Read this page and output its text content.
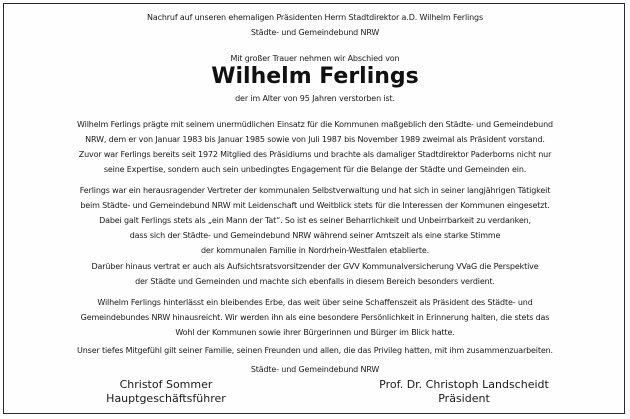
Nachruf auf unseren ehemaligen Präsidenten Herrn Stadtdirektor a.D. Wilhelm Ferlings
Städte- und Gemeindebund NRW
Mit großer Trauer nehmen wir Abschied von
Wilhelm Ferlings
der im Alter von 95 Jahren verstorben ist.
Wilhelm Ferlings prägte mit seinem unermüdlichen Einsatz für die Kommunen maßgeblich den Städte- und Gemeindebund
NRW, dem er von Januar 1983 bis Januar 1985 sowie von Juli 1987 bis November 1989 zweimal als Präsident vorstand.
Zuvor war Ferlings bereits seit 1972 Mitglied des Präsidiums und brachte als damaliger Stadtdirektor Paderborns nicht nur
seine Expertise, sondern auch sein unbedingtes Engagement für die Belange der Städte und Gemeinden ein.
Ferlings war ein herausragender Vertreter der kommunalen Selbstverwaltung und hat sich in seiner langjährigen Tätigkeit
beim Städte- und Gemeindebund NRW mit Leidenschaft und Weitblick stets für die Interessen der Kommunen eingesetzt.
Dabei galt Ferlings stets als „ein Mann der Tat“. So ist es seiner Beharrlichkeit und Unbeirrbarkeit zu verdanken,
dass sich der Städte- und Gemeindebund NRW während seiner Amtszeit als eine starke Stimme
der kommunalen Familie in Nordrhein-Westfalen etablierte.
Darüber hinaus vertrat er auch als Aufsichtsratsvorsitzender der GVV Kommunalversicherung VVaG die Perspektive
der Städte und Gemeinden und machte sich ebenfalls in diesem Bereich besonders verdient.
Wilhelm Ferlings hinterlässt ein bleibendes Erbe, das weit über seine Schaffenszeit als Präsident des Städte- und
Gemeindebundes NRW hinausreicht. Wir werden ihn als eine besondere Persönlichkeit in Erinnerung halten, die stets das
Wohl der Kommunen sowie ihrer Bürgerinnen und Bürger im Blick hatte.
Unser tiefes Mitgefühl gilt seiner Familie, seinen Freunden und allen, die das Privileg hatten, mit ihm zusammenzuarbeiten.
Städte- und Gemeindebund NRW
Christof Sommer
Hauptgeschäftsführer
Prof. Dr. Christoph Landscheidt
Präsident
